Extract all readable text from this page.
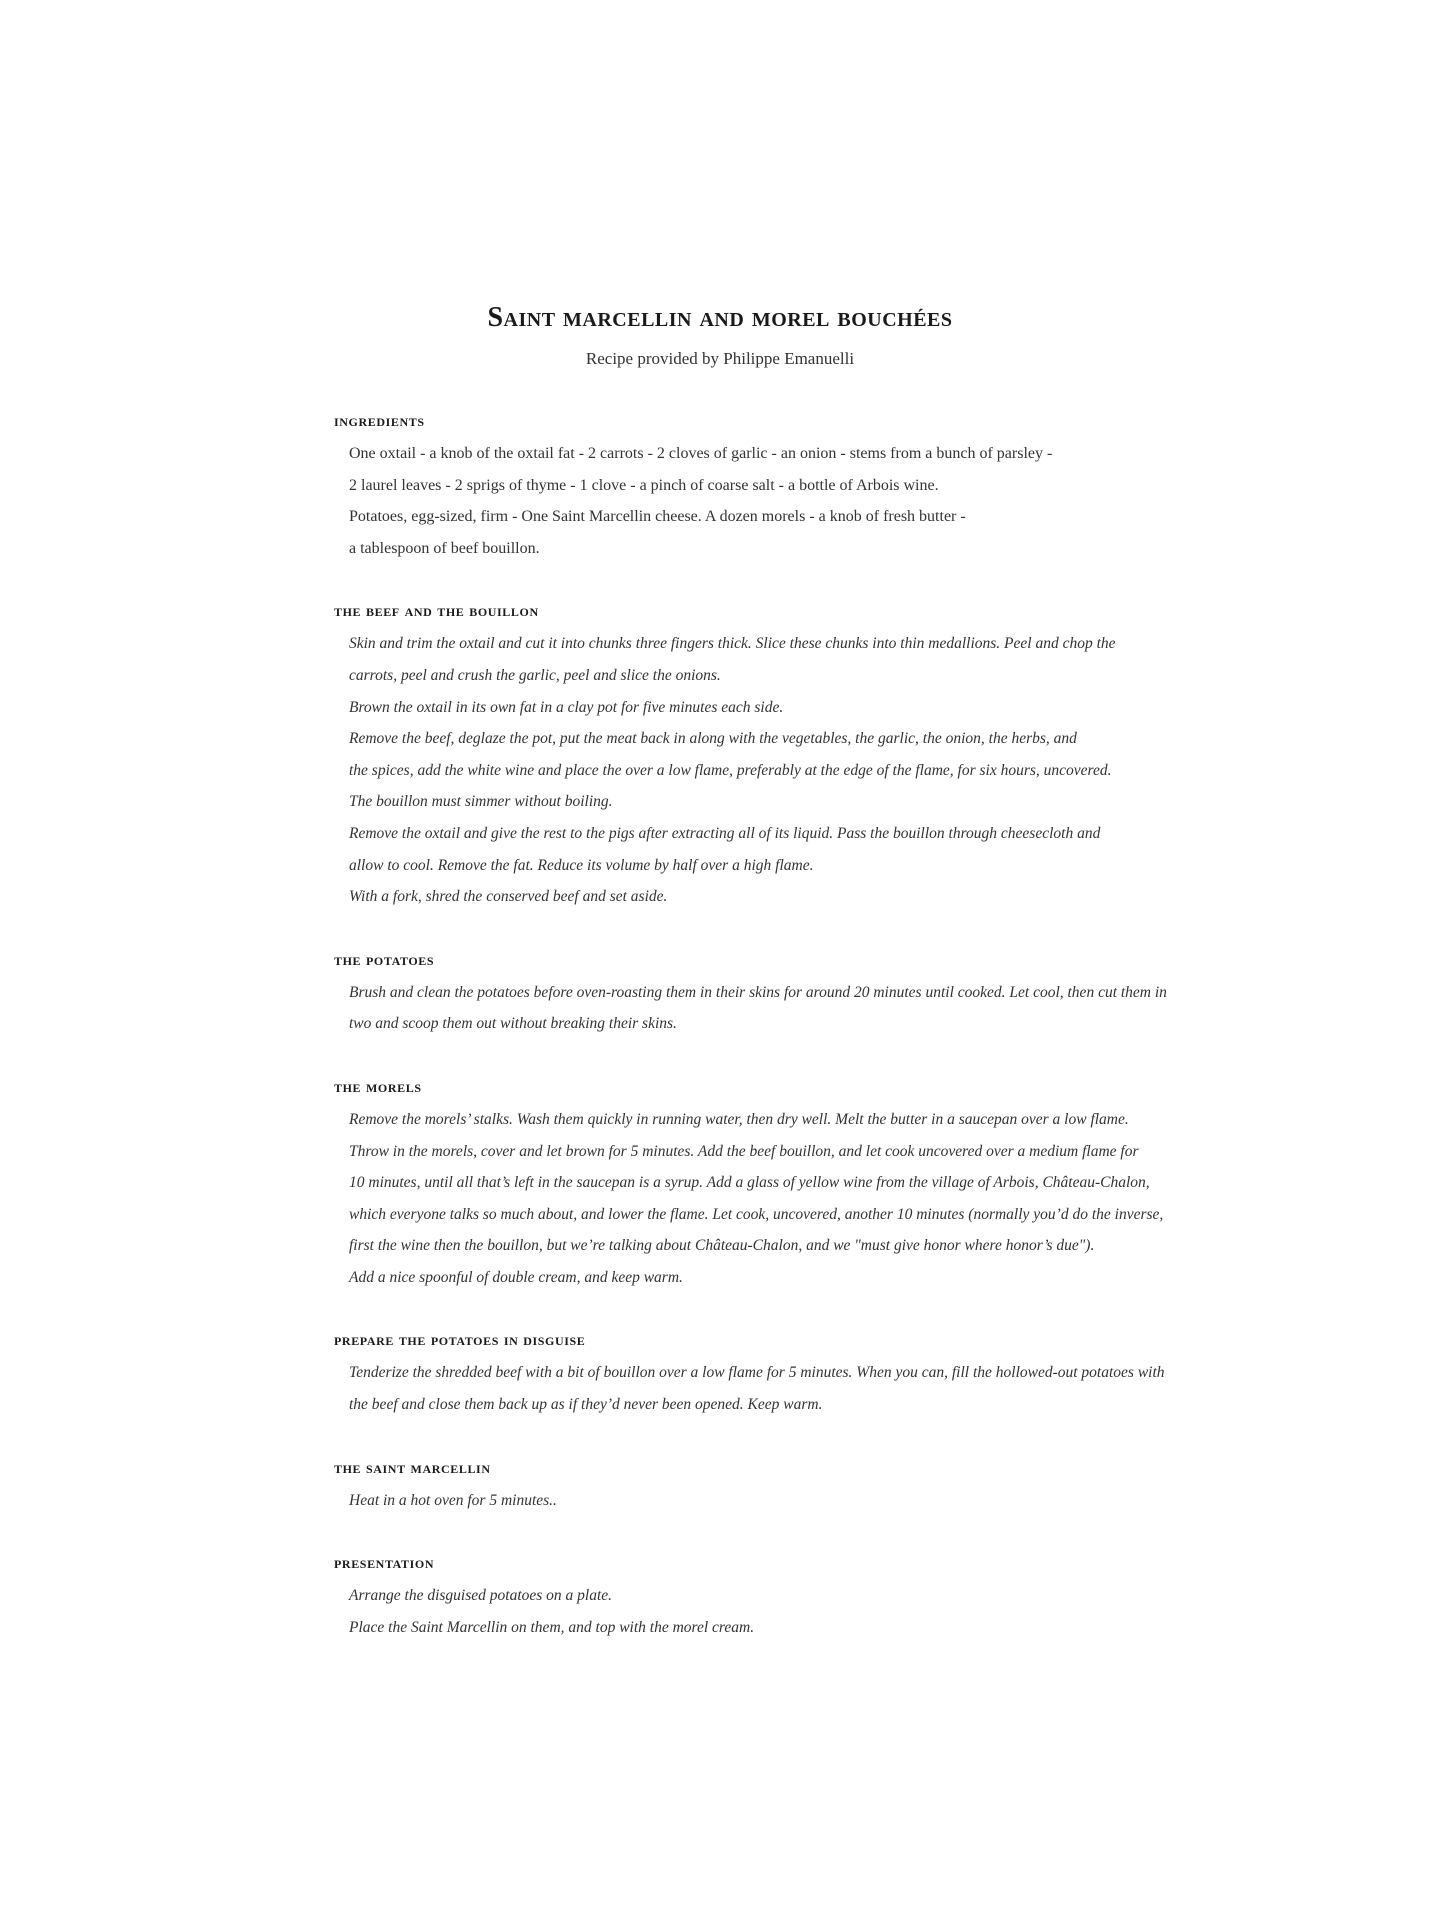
Saint marcellin and morel bouchées

Recipe provided by Philippe Emanuelli

ingredients
One oxtail - a knob of the oxtail fat - 2 carrots - 2 cloves of garlic - an onion - stems from a bunch of parsley -
2 laurel leaves - 2 sprigs of thyme - 1 clove - a pinch of coarse salt - a bottle of Arbois wine.
Potatoes, egg-sized, firm - One Saint Marcellin cheese. A dozen morels - a knob of fresh butter -
a tablespoon of beef bouillon.
the beef and the bouillon
Skin and trim the oxtail and cut it into chunks three fingers thick. Slice these chunks into thin medallions. Peel and chop the
carrots, peel and crush the garlic, peel and slice the onions.
Brown the oxtail in its own fat in a clay pot for five minutes each side.
Remove the beef, deglaze the pot, put the meat back in along with the vegetables, the garlic, the onion, the herbs, and
the spices, add the white wine and place the over a low flame, preferably at the edge of the flame, for six hours, uncovered.
The bouillon must simmer without boiling.
Remove the oxtail and give the rest to the pigs after extracting all of its liquid. Pass the bouillon through cheesecloth and
allow to cool. Remove the fat. Reduce its volume by half over a high flame.
With a fork, shred the conserved beef and set aside.
the potatoes
Brush and clean the potatoes before oven-roasting them in their skins for around 20 minutes until cooked. Let cool, then cut them in
two and scoop them out without breaking their skins.
the morels
Remove the morels’ stalks. Wash them quickly in running water, then dry well. Melt the butter in a saucepan over a low flame.
Throw in the morels, cover and let brown for 5 minutes. Add the beef bouillon, and let cook uncovered over a medium flame for
10 minutes, until all that’s left in the saucepan is a syrup. Add a glass of yellow wine from the village of Arbois, Château-Chalon,
which everyone talks so much about, and lower the flame. Let cook, uncovered, another 10 minutes (normally you’d do the inverse,
first the wine then the bouillon, but we’re talking about Château-Chalon, and we "must give honor where honor’s due").
Add a nice spoonful of double cream, and keep warm.
prepare the potatoes in disguise
Tenderize the shredded beef with a bit of bouillon over a low flame for 5 minutes. When you can, fill the hollowed-out potatoes with
the beef and close them back up as if they’d never been opened. Keep warm.
the saint marcellin
Heat in a hot oven for 5 minutes..
presentation
Arrange the disguised potatoes on a plate.
Place the Saint Marcellin on them, and top with the morel cream.
